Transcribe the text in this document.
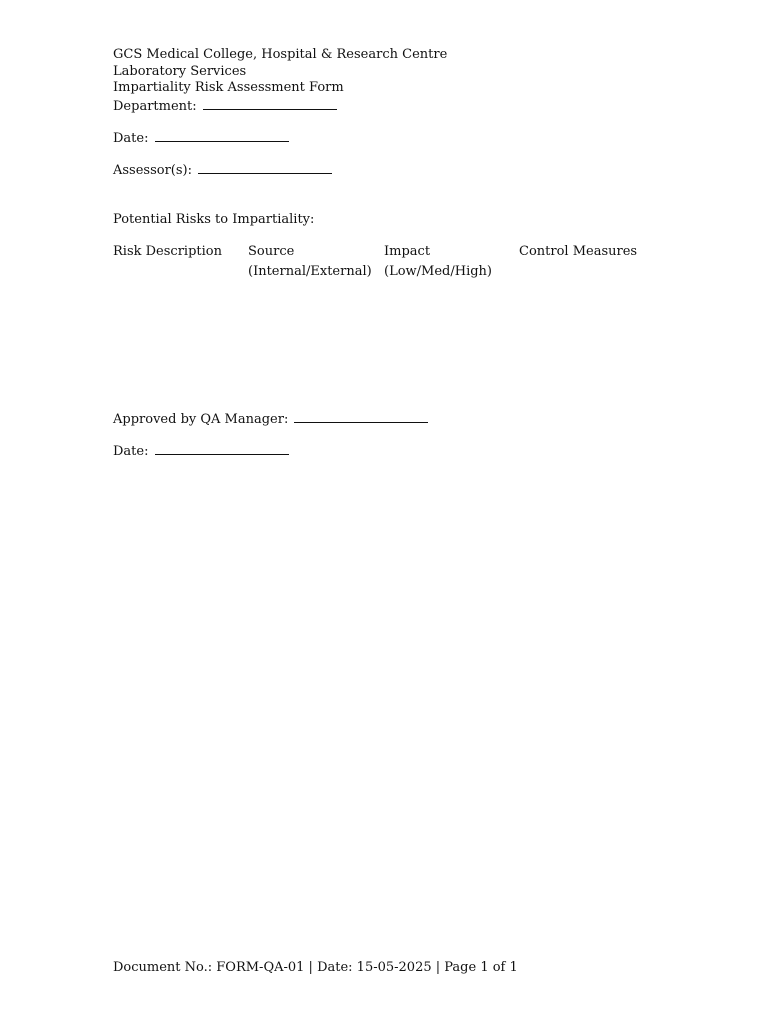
GCS Medical College, Hospital & Research Centre
Laboratory Services
Impartiality Risk Assessment Form
Department:
Date:
Assessor(s):
Potential Risks to Impartiality:
Risk Description Source
(Internal/External)
Impact
(Low/Med/High)
Control Measures
Approved by QA Manager:
Date:
Document No.: FORM-QA-01 | Date: 15-05-2025 | Page 1 of 1
